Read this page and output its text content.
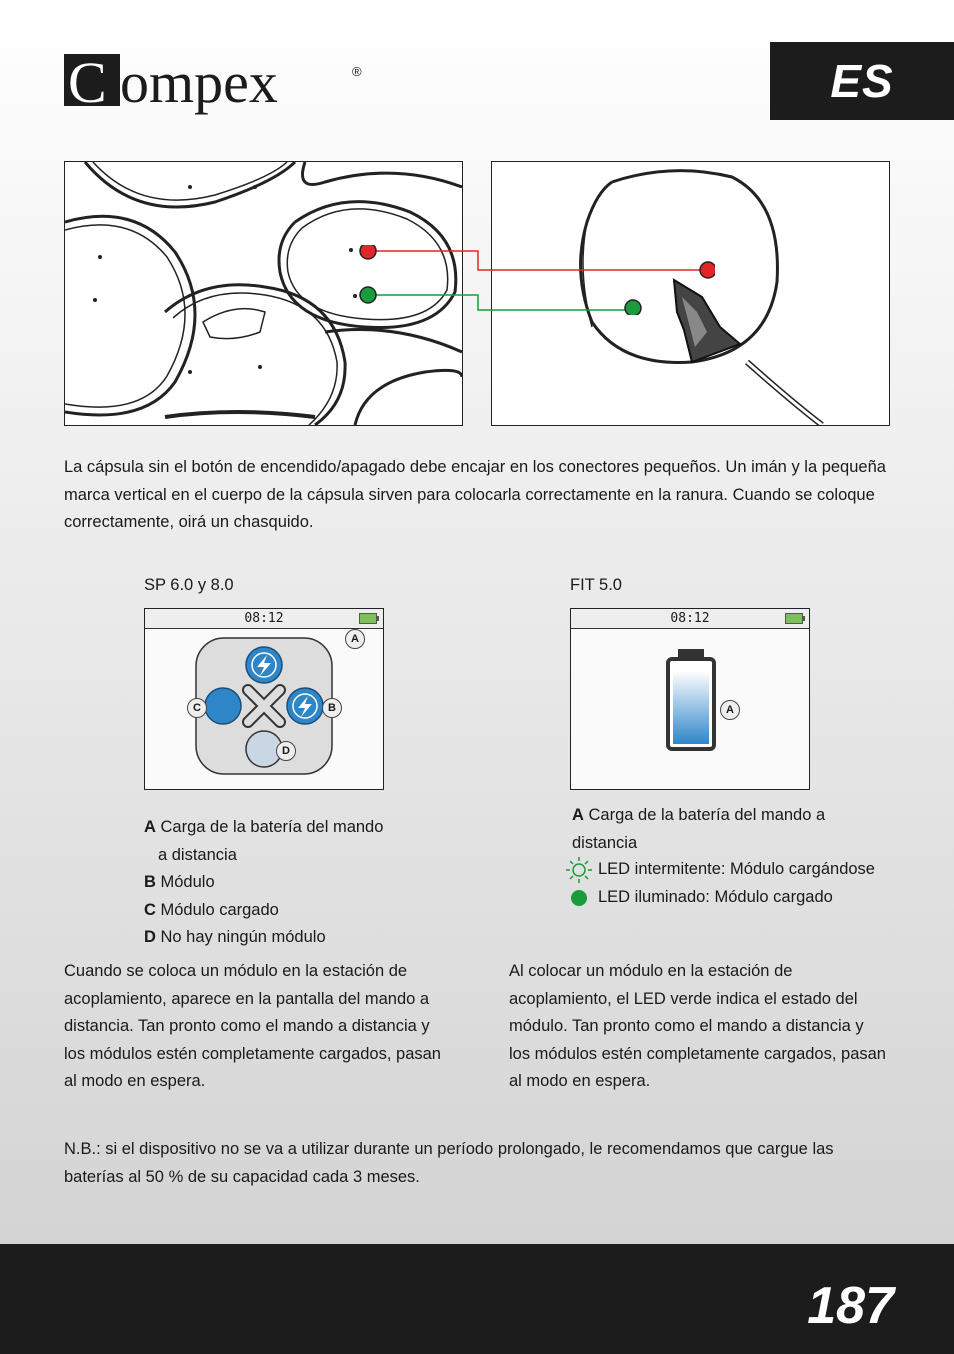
C ompex	®	ES

La cápsula sin el botón de encendido/apagado debe encajar en los conectores pequeños. Un imán y la pequeña marca vertical en el cuerpo de la cápsula sirven para colocarla correctamente en la ranura. Cuando se coloque correctamente, oirá un chasquido.

SP 6.0 y 8.0
08:12
A
B
C
D
A Carga de la batería del mando
a distancia
B Módulo
C Módulo cargado
D No hay ningún módulo

Cuando se coloca un módulo en la estación de acoplamiento, aparece en la pantalla del mando a distancia. Tan pronto como el mando a distancia y los módulos estén completamente cargados, pasan al modo en espera.

FIT 5.0
08:12
A
A Carga de la batería del mando a distancia
LED intermitente: Módulo cargándose
LED iluminado: Módulo cargado

Al colocar un módulo en la estación de acoplamiento, el LED verde indica el estado del módulo. Tan pronto como el mando a distancia y los módulos estén completamente cargados, pasan al modo en espera.

N.B.: si el dispositivo no se va a utilizar durante un período prolongado, le recomendamos que cargue las baterías al 50 % de su capacidad cada 3 meses.

187
